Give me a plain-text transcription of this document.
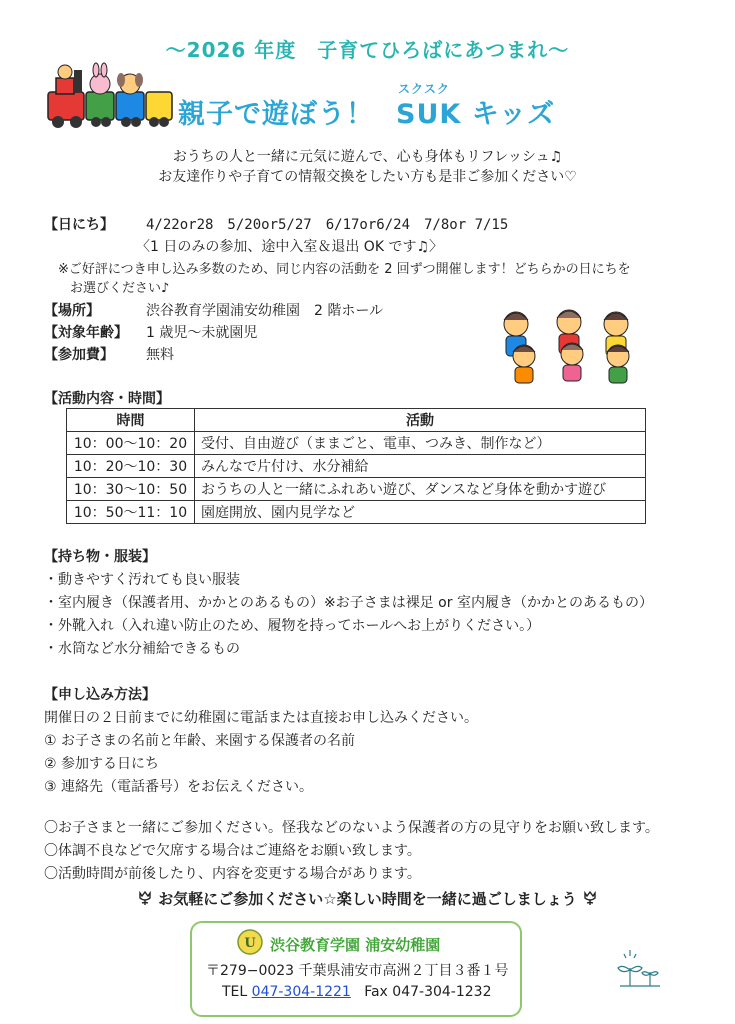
〜2026 年度　子育てひろばにあつまれ〜
スクスク
親子で遊ぼう！ SUK キッズ
おうちの人と一緒に元気に遊んで、心も身体もリフレッシュ♫
お友達作りや子育ての情報交換をしたい方も是非ご参加ください♡
【日にち】 4/22or28　5/20or5/27　6/17or6/24　7/8or 7/15
〈1 日のみの参加、途中入室＆退出 OK です♫〉
※ご好評につき申し込み多数のため、同じ内容の活動を 2 回ずつ開催します！どちらかの日にちを
お選びください♪
【場所】	渋谷教育学園浦安幼稚園　2 階ホール
【対象年齢】 1 歳児〜未就園児
【参加費】 無料
【活動内容・時間】
時間	活動
10：00〜10：20	受付、自由遊び（ままごと、電車、つみき、制作など）
10：20〜10：30	みんなで片付け、水分補給
10：30〜10：50	おうちの人と一緒にふれあい遊び、ダンスなど身体を動かす遊び
10：50〜11：10	園庭開放、園内見学など
【持ち物・服装】
・動きやすく汚れても良い服装
・室内履き（保護者用、かかとのあるもの）※お子さまは裸足 or 室内履き（かかとのあるもの）
・外靴入れ（入れ違い防止のため、履物を持ってホールへお上がりください。）
・水筒など水分補給できるもの
【申し込み方法】
開催日の２日前までに幼稚園に電話または直接お申し込みください。
① お子さまの名前と年齢、来園する保護者の名前
② 参加する日にち
③ 連絡先（電話番号）をお伝えください。
〇お子さまと一緒にご参加ください。怪我などのないよう保護者の方の見守りをお願い致します。
〇体調不良などで欠席する場合はご連絡をお願い致します。
〇活動時間が前後したり、内容を変更する場合があります。
お気軽にご参加ください☆楽しい時間を一緒に過ごしましょう
U 渋谷教育学園 浦安幼稚園
〒279−0023 千葉県浦安市高洲２丁目３番１号
TEL 047-304-1221 Fax 047-304-1232
